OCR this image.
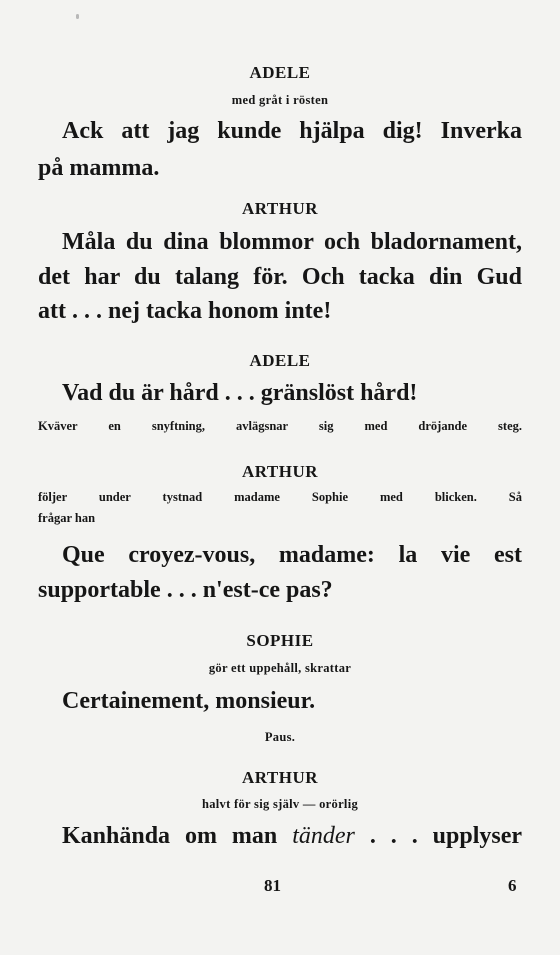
ADELE
med gråt i rösten
Ack att jag kunde hjälpa dig! Inverka
på mamma.
ARTHUR
Måla du dina blommor och bladornament,
det har du talang för. Och tacka din Gud
att . . . nej tacka honom inte!
ADELE
Vad du är hård . . . gränslöst hård!
Kväver en snyftning, avlägsnar sig med dröjande steg.
ARTHUR
följer under tystnad madame Sophie med blicken. Så
frågar han
Que croyez-vous, madame: la vie est
supportable . . . n'est-ce pas?
SOPHIE
gör ett uppehåll, skrattar
Certainement, monsieur.
Paus.
ARTHUR
halvt för sig själv — orörlig
Kanhända om man tänder . . . upplyser
81	6
